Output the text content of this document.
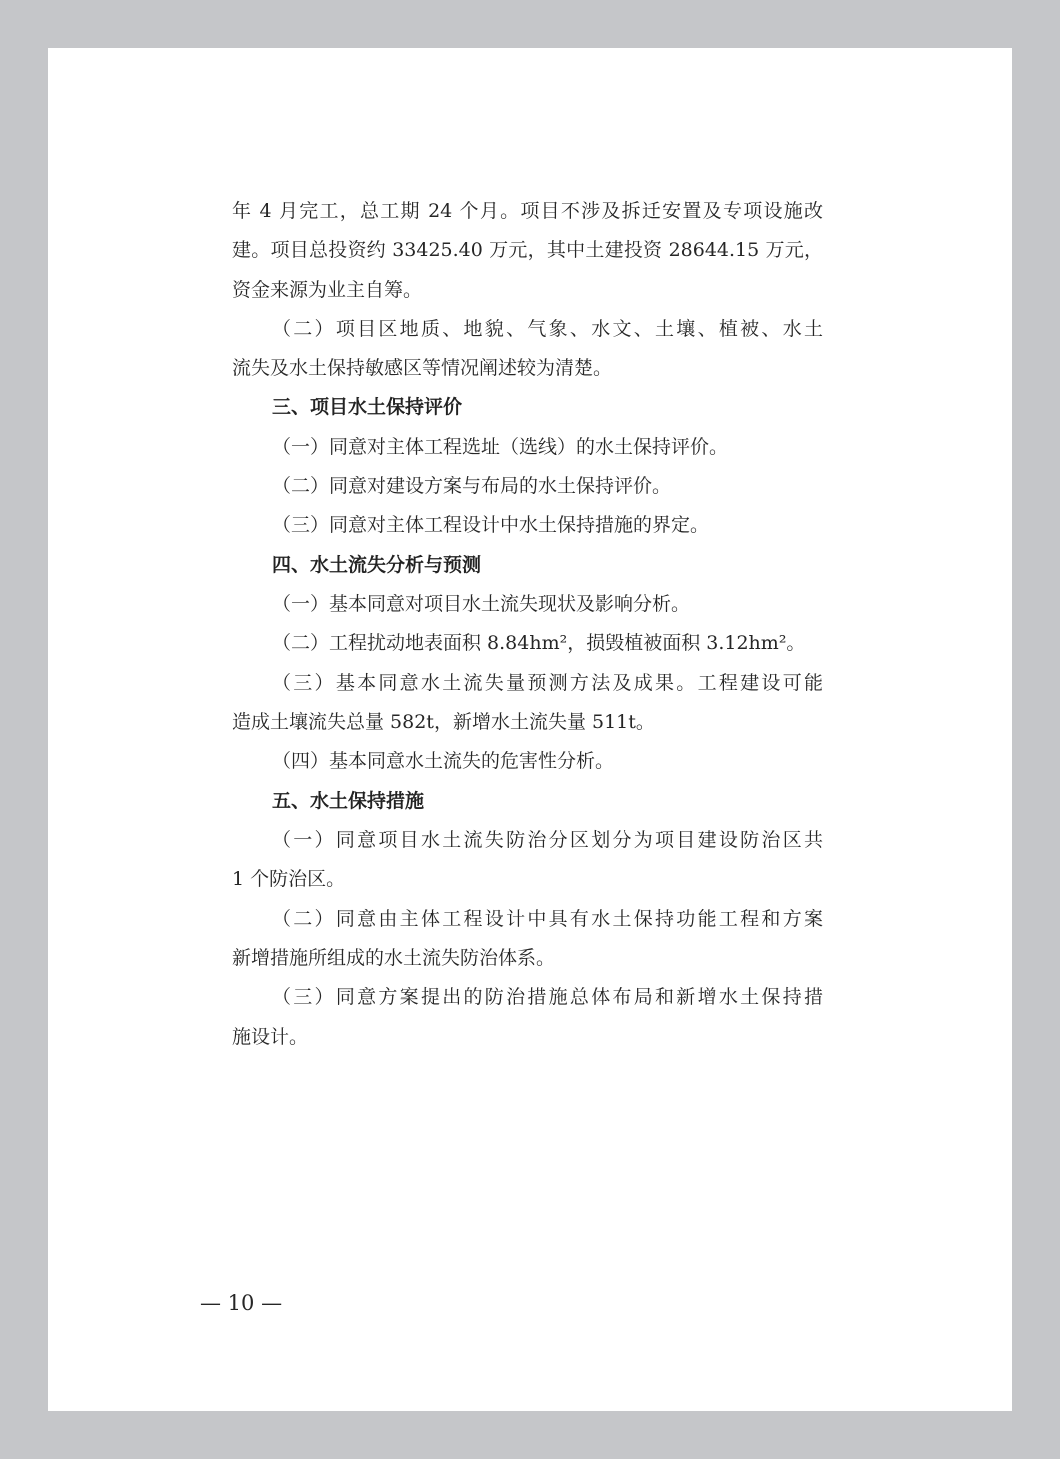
年 4 月完工，总工期 24 个月。项目不涉及拆迁安置及专项设施改
建。项目总投资约 33425.40 万元，其中土建投资 28644.15 万元，
资金来源为业主自筹。
（二）项目区地质、地貌、气象、水文、土壤、植被、水土
流失及水土保持敏感区等情况阐述较为清楚。
三、项目水土保持评价
（一）同意对主体工程选址（选线）的水土保持评价。
（二）同意对建设方案与布局的水土保持评价。
（三）同意对主体工程设计中水土保持措施的界定。
四、水土流失分析与预测
（一）基本同意对项目水土流失现状及影响分析。
（二）工程扰动地表面积 8.84hm²，损毁植被面积 3.12hm²。
（三）基本同意水土流失量预测方法及成果。工程建设可能
造成土壤流失总量 582t，新增水土流失量 511t。
（四）基本同意水土流失的危害性分析。
五、水土保持措施
（一）同意项目水土流失防治分区划分为项目建设防治区共
1 个防治区。
（二）同意由主体工程设计中具有水土保持功能工程和方案
新增措施所组成的水土流失防治体系。
（三）同意方案提出的防治措施总体布局和新增水土保持措
施设计。
— 10 —
